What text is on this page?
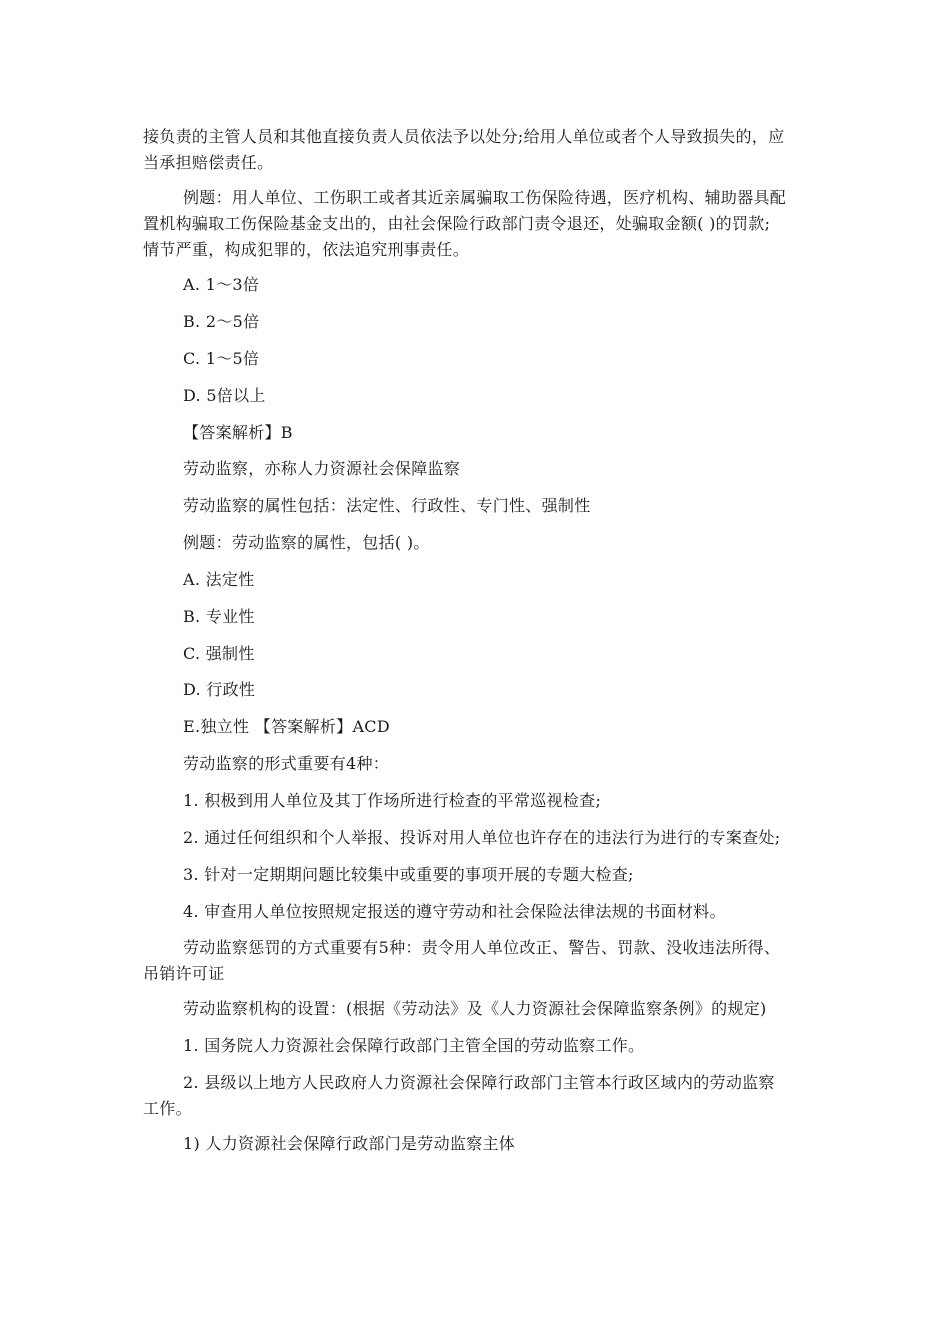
接负责的主管人员和其他直接负责人员依法予以处分;给用人单位或者个人导致损失的，应
当承担赔偿责任。
例题：用人单位、工伤职工或者其近亲属骗取工伤保险待遇，医疗机构、辅助器具配
置机构骗取工伤保险基金支出的，由社会保险行政部门责令退还，处骗取金额( )的罚款;
情节严重，构成犯罪的，依法追究刑事责任。
A. 1～3倍
B. 2～5倍
C. 1～5倍
D. 5倍以上
【答案解析】B
劳动监察，亦称人力资源社会保障监察
劳动监察的属性包括：法定性、行政性、专门性、强制性
例题：劳动监察的属性，包括( )。
A. 法定性
B. 专业性
C. 强制性
D. 行政性
E.独立性 【答案解析】ACD
劳动监察的形式重要有4种：
1. 积极到用人单位及其丁作场所进行检查的平常巡视检查;
2. 通过任何组织和个人举报、投诉对用人单位也许存在的违法行为进行的专案查处;
3. 针对一定期期问题比较集中或重要的事项开展的专题大检查;
4. 审查用人单位按照规定报送的遵守劳动和社会保险法律法规的书面材料。
劳动监察惩罚的方式重要有5种：责令用人单位改正、警告、罚款、没收违法所得、
吊销许可证
劳动监察机构的设置：(根据《劳动法》及《人力资源社会保障监察条例》的规定)
1. 国务院人力资源社会保障行政部门主管全国的劳动监察工作。
2. 县级以上地方人民政府人力资源社会保障行政部门主管本行政区域内的劳动监察
工作。
1) 人力资源社会保障行政部门是劳动监察主体
